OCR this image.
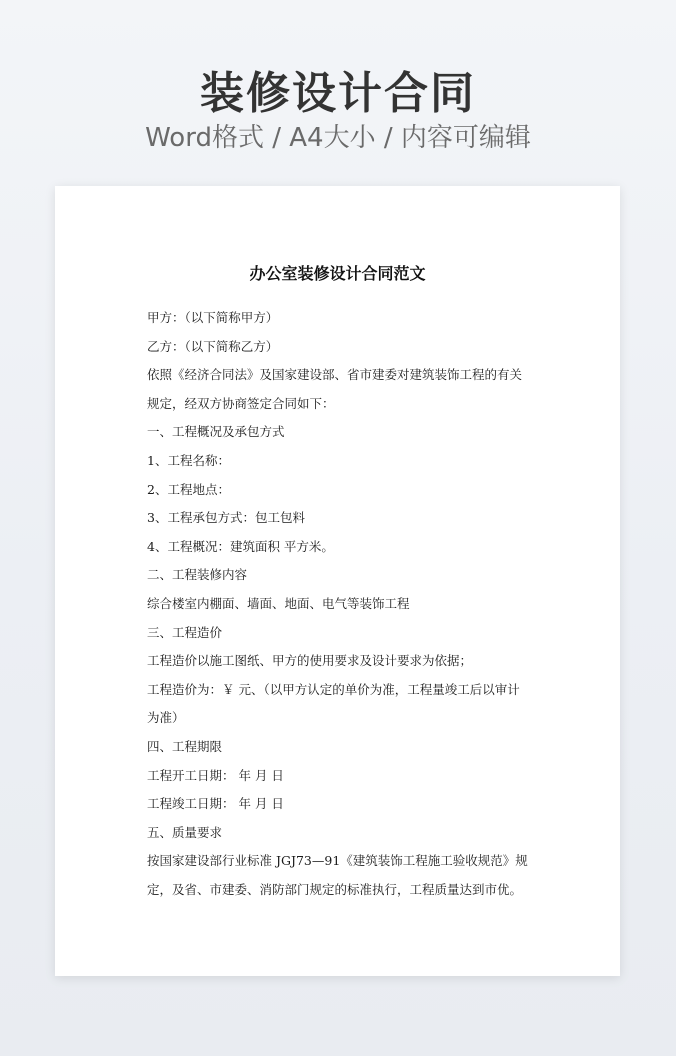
装修设计合同
Word格式 / A4大小 / 内容可编辑
办公室装修设计合同范文
甲方：（以下简称甲方）
乙方：（以下简称乙方）
依照《经济合同法》及国家建设部、省市建委对建筑装饰工程的有关
规定，经双方协商签定合同如下：
一、工程概况及承包方式
1、工程名称：
2、工程地点：
3、工程承包方式：包工包料
4、工程概况：建筑面积 平方米。
二、工程装修内容
综合楼室内棚面、墙面、地面、电气等装饰工程
三、工程造价
工程造价以施工图纸、甲方的使用要求及设计要求为依据；
工程造价为：￥ 元、（以甲方认定的单价为准，工程量竣工后以审计
为准）
四、工程期限
工程开工日期： 年 月 日
工程竣工日期： 年 月 日
五、质量要求
按国家建设部行业标准 JGJ73—91《建筑装饰工程施工验收规范》规
定，及省、市建委、消防部门规定的标准执行，工程质量达到市优。
